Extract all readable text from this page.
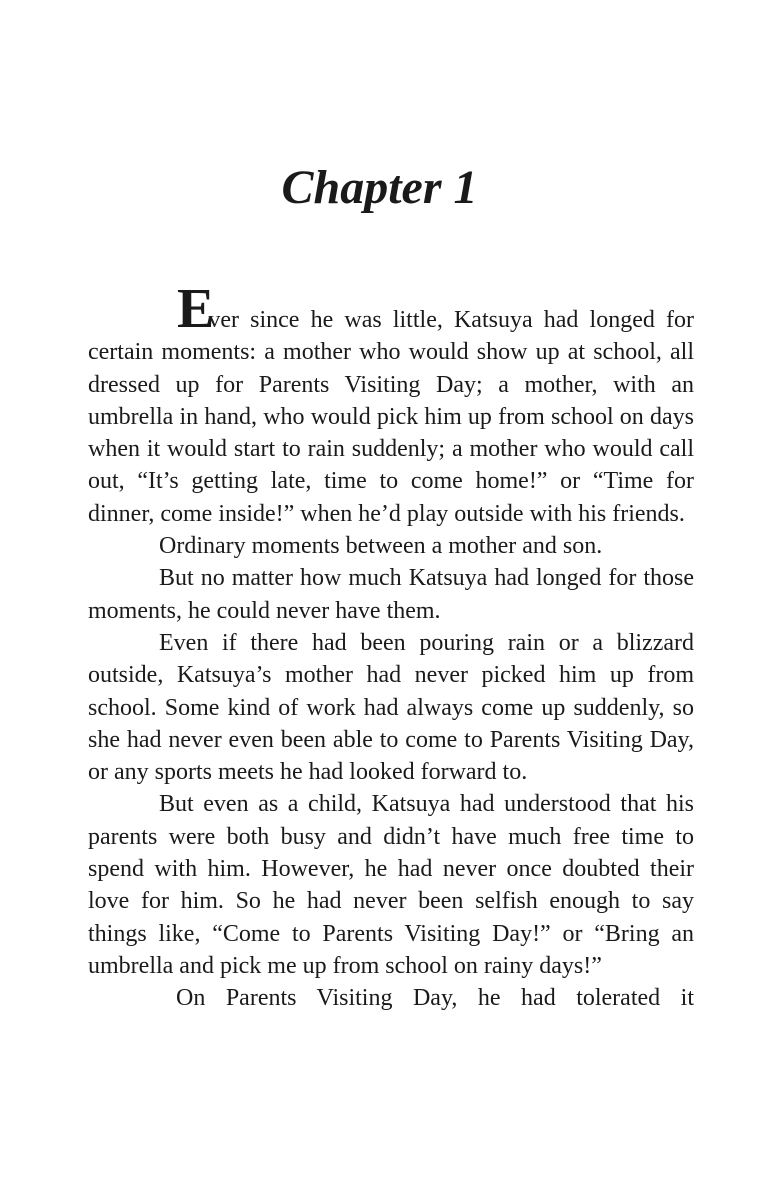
Chapter 1

Ever since he was little, Katsuya had longed for certain moments: a mother who would show up at school, all dressed up for Parents Visiting Day; a mother, with an umbrella in hand, who would pick him up from school on days when it would start to rain suddenly; a mother who would call out, “It’s getting late, time to come home!” or “Time for dinner, come inside!” when he’d play outside with his friends.

Ordinary moments between a mother and son.

But no matter how much Katsuya had longed for those moments, he could never have them.

Even if there had been pouring rain or a blizzard outside, Katsuya’s mother had never picked him up from school. Some kind of work had always come up suddenly, so she had never even been able to come to Parents Visiting Day, or any sports meets he had looked forward to.

But even as a child, Katsuya had understood that his parents were both busy and didn’t have much free time to spend with him. However, he had never once doubted their love for him. So he had never been selfish enough to say things like, “Come to Parents Visiting Day!” or “Bring an umbrella and pick me up from school on rainy days!”

On Parents Visiting Day, he had tolerated it
